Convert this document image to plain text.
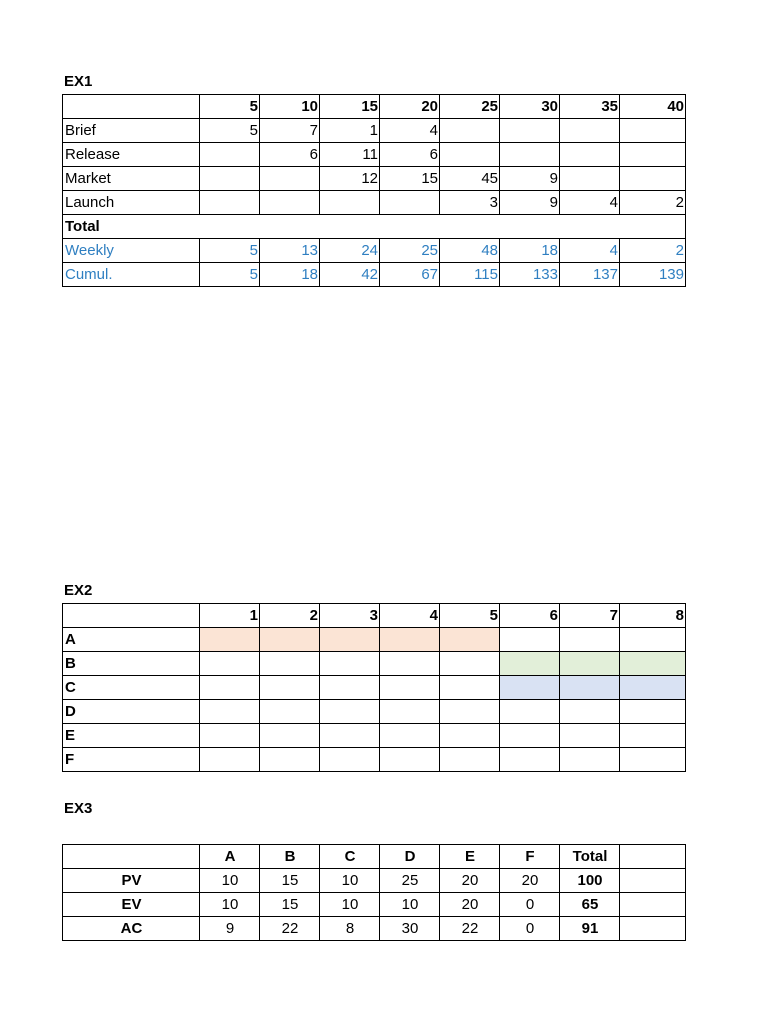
EX1
	5	10	15	20	25	30	35	40
Brief	5	7	1	4				
Release		6	11	6				
Market			12	15	45	9		
Launch					3	9	4	2
Total								
Weekly	5	13	24	25	48	18	4	2
Cumul.	5	18	42	67	115	133	137	139
EX2
	1	2	3	4	5	6	7	8
A								
B								
C								
D								
E								
F								
EX3
	A	B	C	D	E	F	Total	
PV	10	15	10	25	20	20	100	
EV	10	15	10	10	20	0	65	
AC	9	22	8	30	22	0	91	
